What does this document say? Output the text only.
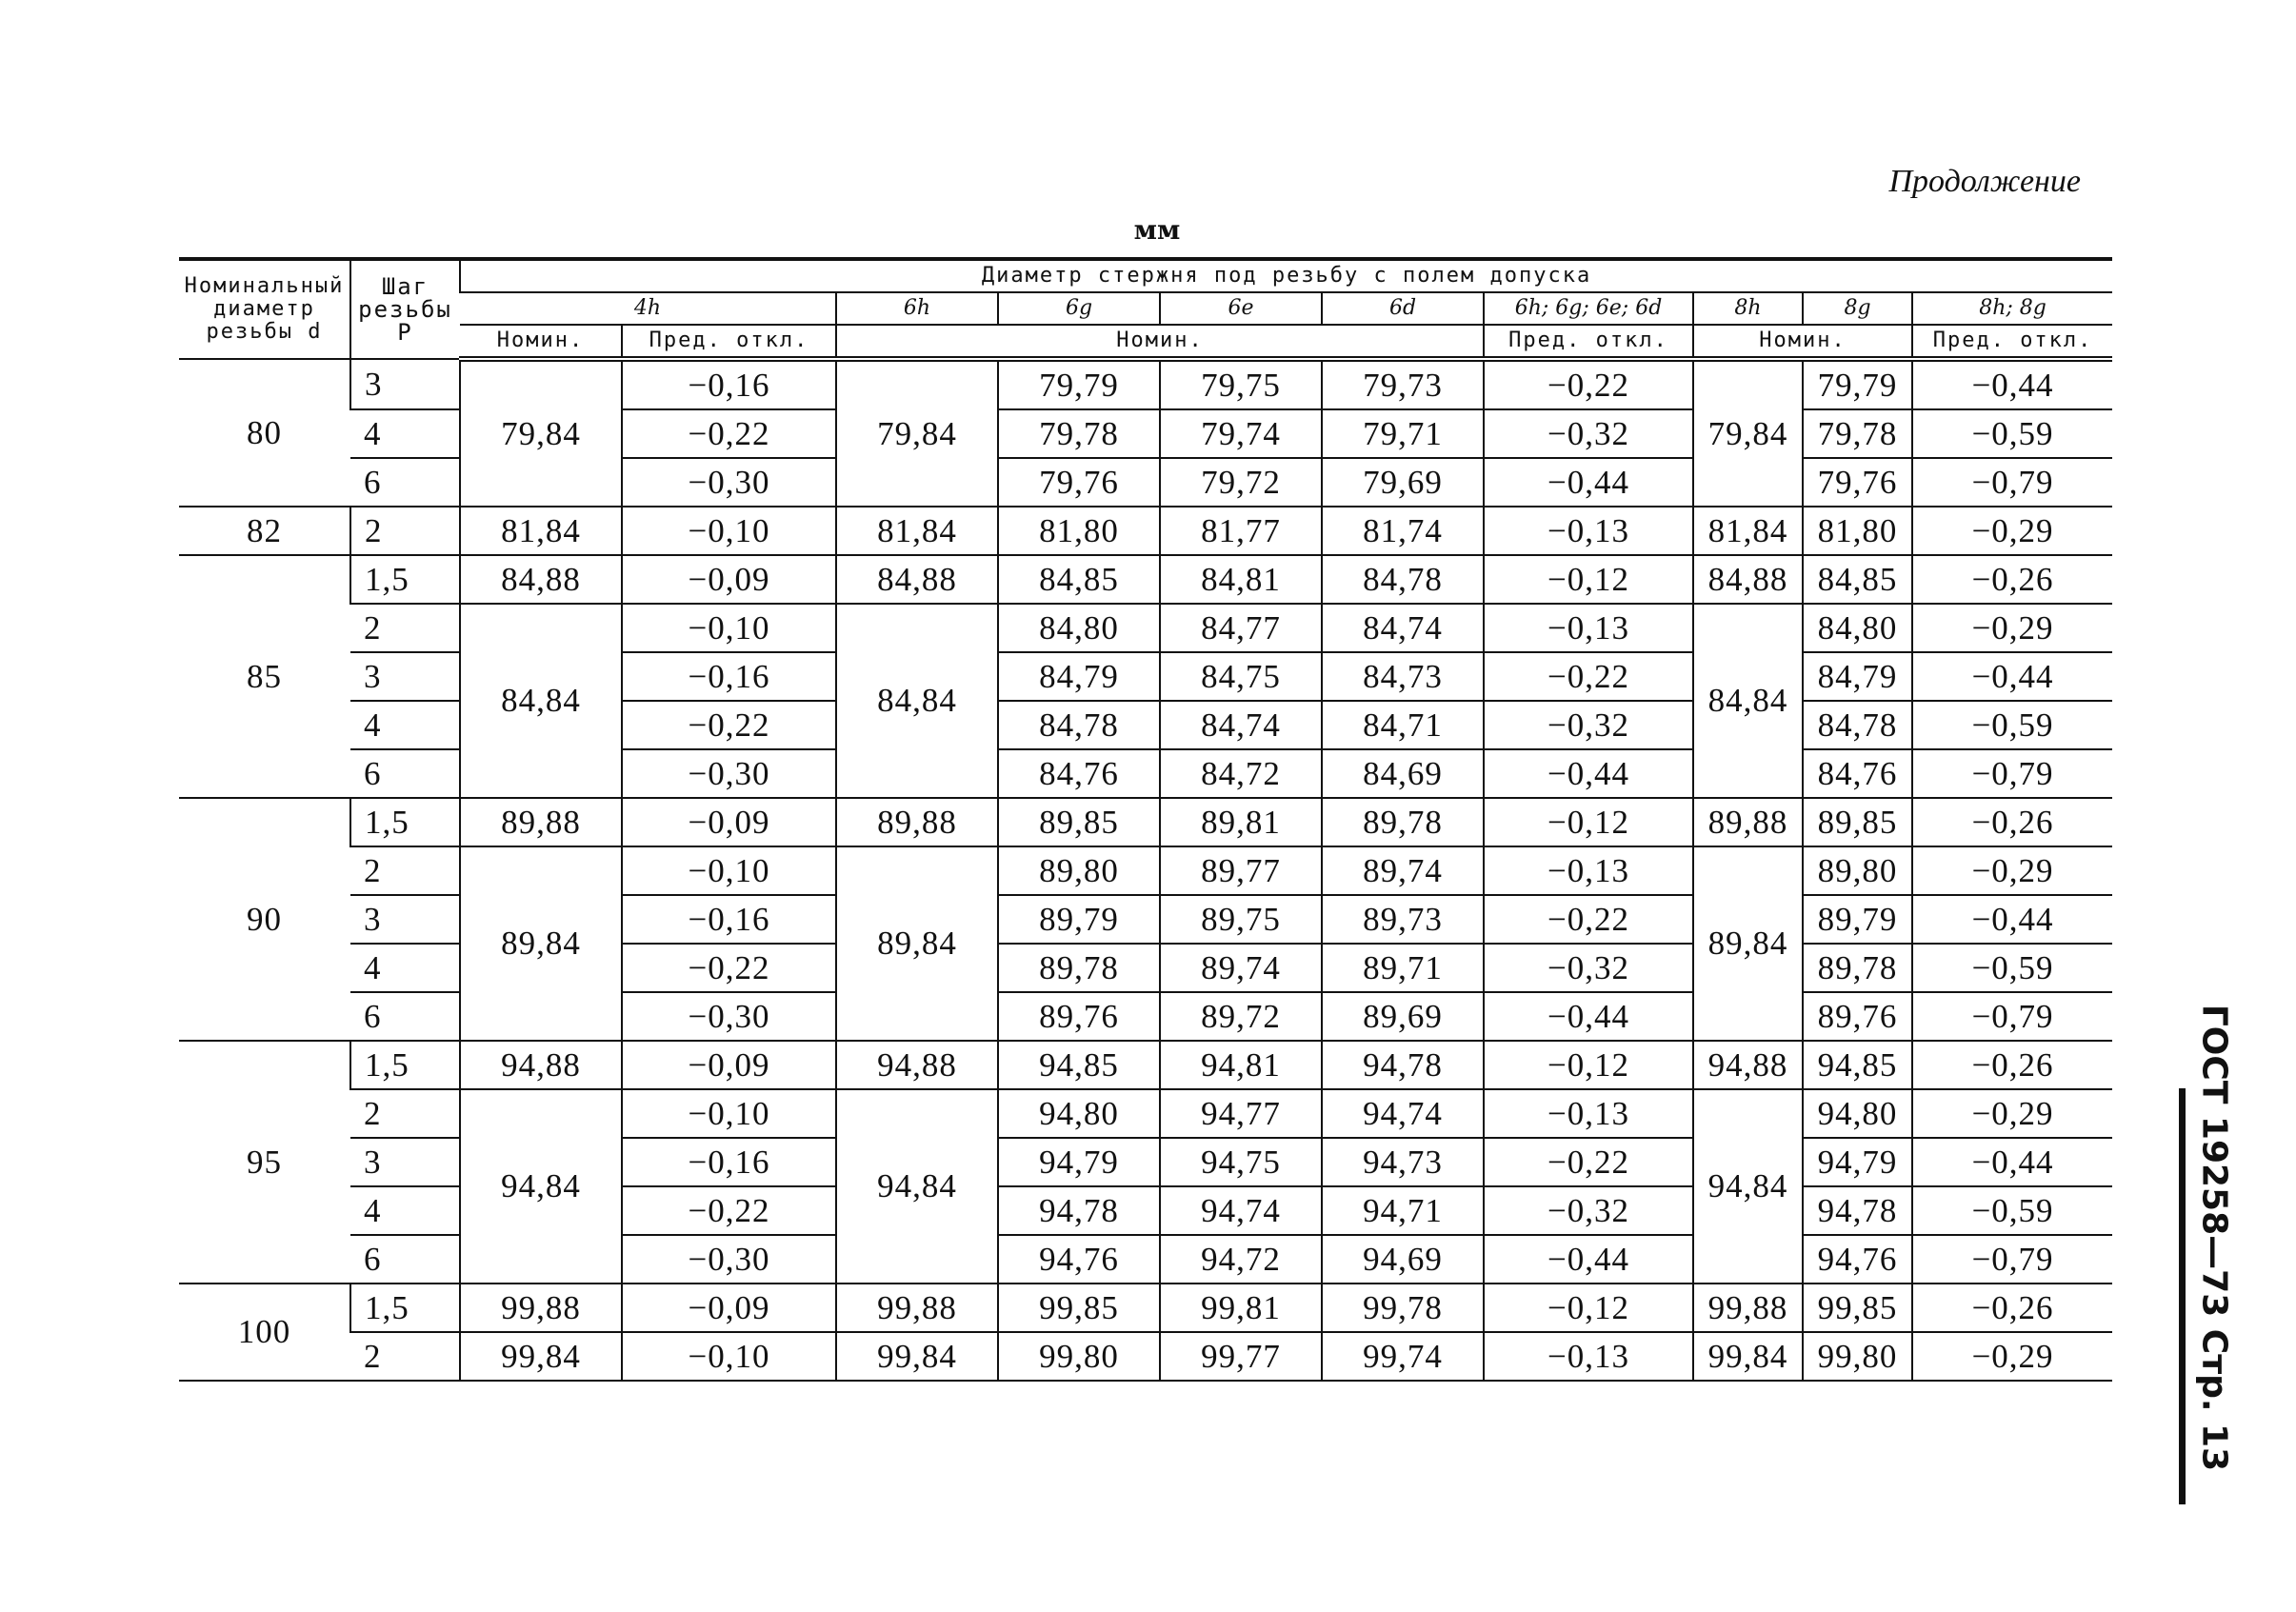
Продолжение
мм
Номинальный диаметр резьбы d	Шаг резьбы P	Диаметр стержня под резьбу с полем допуска									
		4h		6h	6g	6e	6d	6h; 6g; 6e; 6d	8h	8g	8h; 8g
		Номин.	Пред. откл.	Номин.				Пред. откл.	Номин.		Пред. откл.
80	3	79,84	−0,16	79,84	79,79	79,75	79,73	−0,22	79,84	79,79	−0,44
	4		−0,22		79,78	79,74	79,71	−0,32		79,78	−0,59
	6		−0,30		79,76	79,72	79,69	−0,44		79,76	−0,79
82	2	81,84	−0,10	81,84	81,80	81,77	81,74	−0,13	81,84	81,80	−0,29
85	1,5	84,88	−0,09	84,88	84,85	84,81	84,78	−0,12	84,88	84,85	−0,26
	2	84,84	−0,10	84,84	84,80	84,77	84,74	−0,13	84,84	84,80	−0,29
	3		−0,16		84,79	84,75	84,73	−0,22		84,79	−0,44
	4		−0,22		84,78	84,74	84,71	−0,32		84,78	−0,59
	6		−0,30		84,76	84,72	84,69	−0,44		84,76	−0,79
90	1,5	89,88	−0,09	89,88	89,85	89,81	89,78	−0,12	89,88	89,85	−0,26
	2	89,84	−0,10	89,84	89,80	89,77	89,74	−0,13	89,84	89,80	−0,29
	3		−0,16		89,79	89,75	89,73	−0,22		89,79	−0,44
	4		−0,22		89,78	89,74	89,71	−0,32		89,78	−0,59
	6		−0,30		89,76	89,72	89,69	−0,44		89,76	−0,79
95	1,5	94,88	−0,09	94,88	94,85	94,81	94,78	−0,12	94,88	94,85	−0,26
	2	94,84	−0,10	94,84	94,80	94,77	94,74	−0,13	94,84	94,80	−0,29
	3		−0,16		94,79	94,75	94,73	−0,22		94,79	−0,44
	4		−0,22		94,78	94,74	94,71	−0,32		94,78	−0,59
	6		−0,30		94,76	94,72	94,69	−0,44		94,76	−0,79
100	1,5	99,88	−0,09	99,88	99,85	99,81	99,78	−0,12	99,88	99,85	−0,26
	2	99,84	−0,10	99,84	99,80	99,77	99,74	−0,13	99,84	99,80	−0,29	ГОСТ 19258—73 Стр. 13
